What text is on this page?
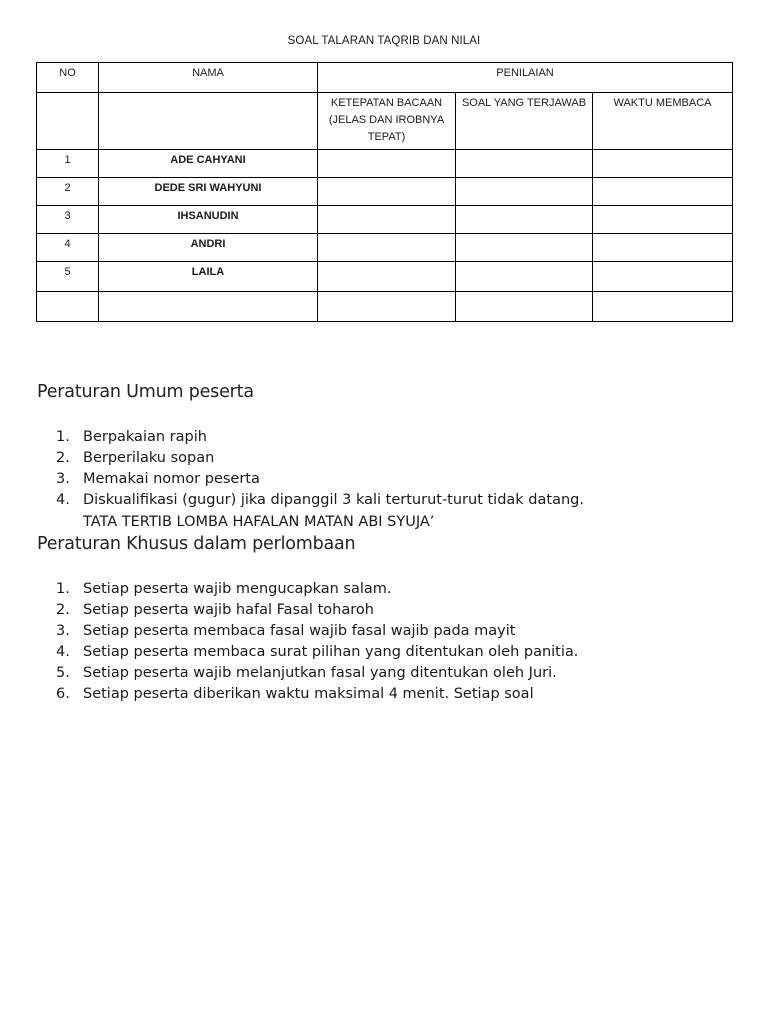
SOAL TALARAN TAQRIB DAN NILAI
NO	NAMA	PENILAIAN		
		KETEPATAN BACAAN (JELAS DAN IROBNYA TEPAT)	SOAL YANG TERJAWAB	WAKTU MEMBACA
1	ADE CAHYANI			
2	DEDE SRI WAHYUNI			
3	IHSANUDIN			
4	ANDRI			
5	LAILA			

Peraturan Umum peserta
1. Berpakaian rapih
2. Berperilaku sopan
3. Memakai nomor peserta
4. Diskualifikasi (gugur) jika dipanggil 3 kali terturut-turut tidak datang.
TATA TERTIB LOMBA HAFALAN MATAN ABI SYUJA’
Peraturan Khusus dalam perlombaan
1. Setiap peserta wajib mengucapkan salam.
2. Setiap peserta wajib hafal Fasal toharoh
3. Setiap peserta membaca fasal wajib fasal wajib pada mayit
4. Setiap peserta membaca surat pilihan yang ditentukan oleh panitia.
5. Setiap peserta wajib melanjutkan fasal yang ditentukan oleh Juri.
6. Setiap peserta diberikan waktu maksimal 4 menit. Setiap soal
